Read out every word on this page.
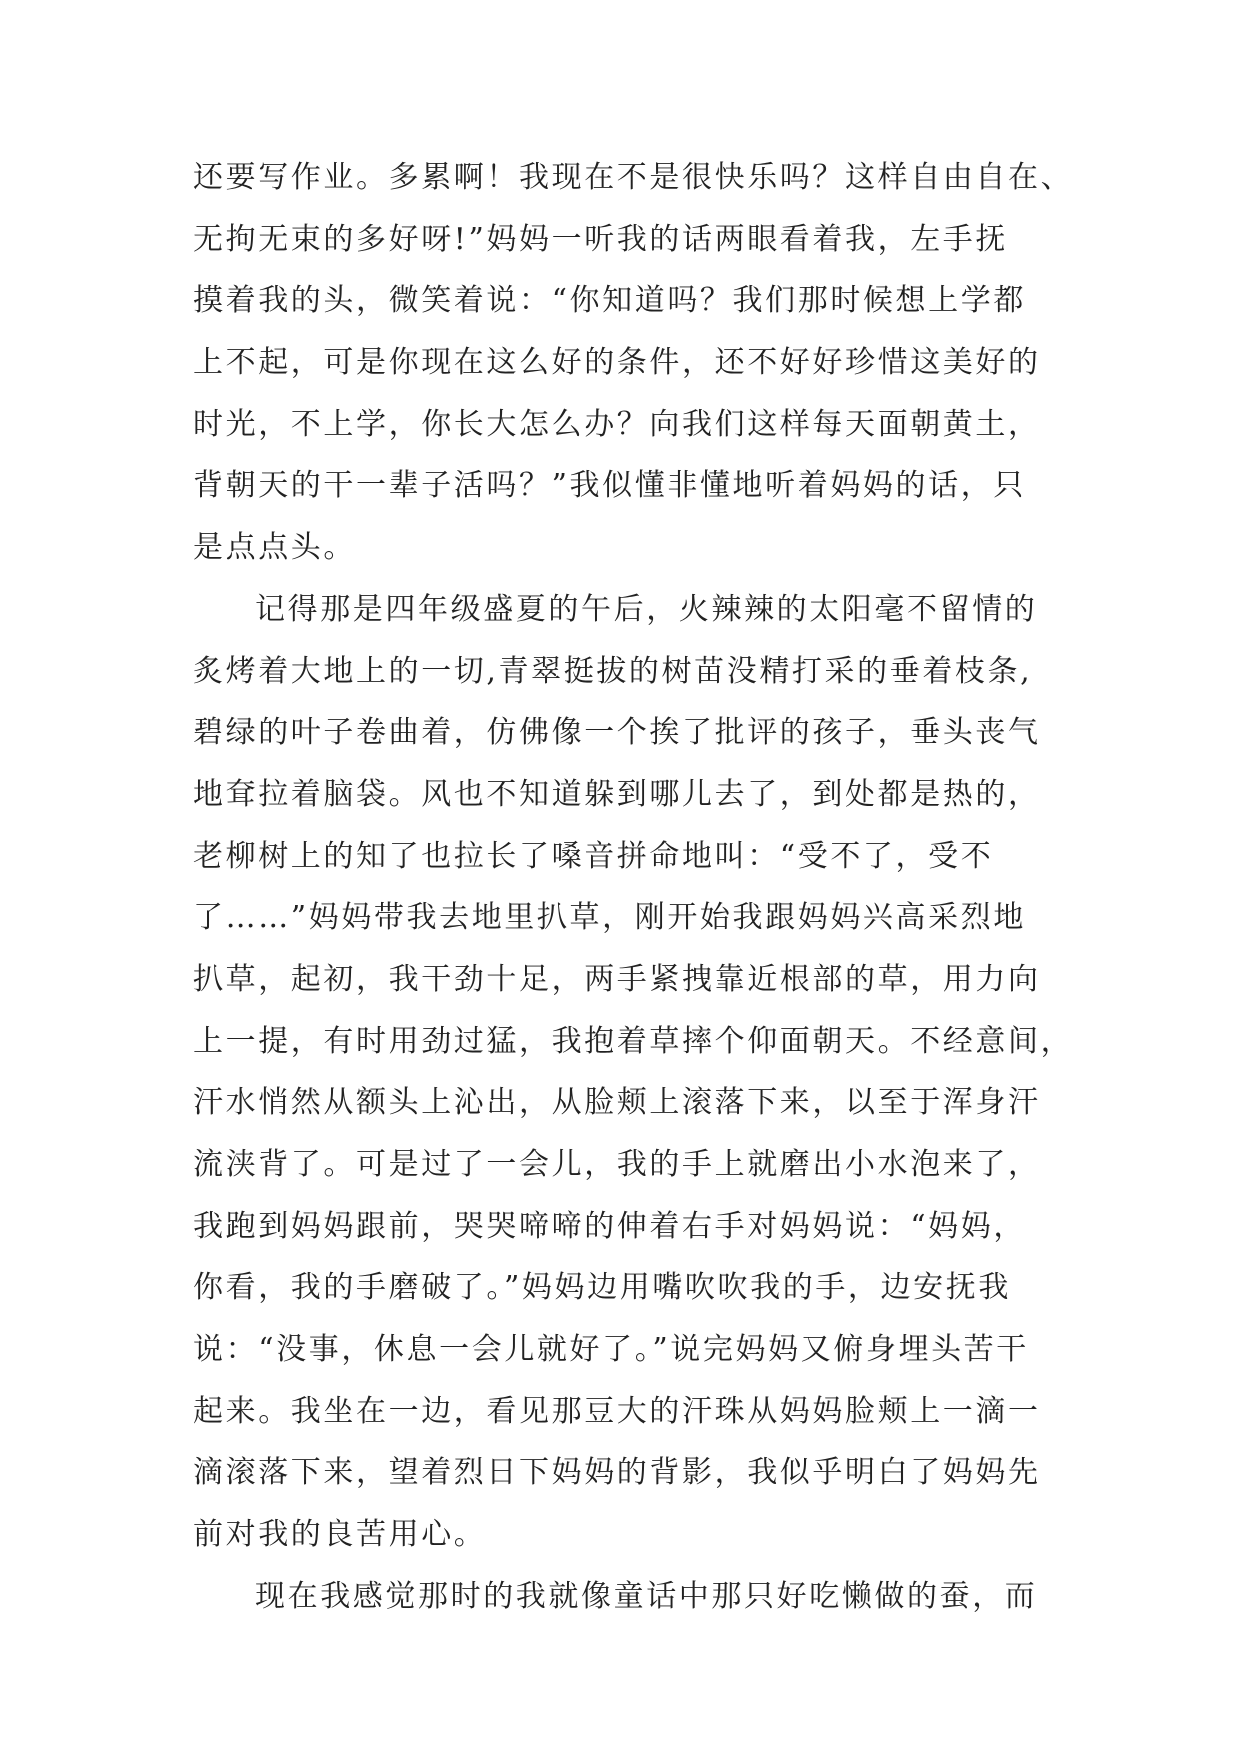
还要写作业。多累啊！我现在不是很快乐吗？这样自由自在、
无拘无束的多好呀!”妈妈一听我的话两眼看着我，左手抚
摸着我的头，微笑着说：“你知道吗？我们那时候想上学都
上不起，可是你现在这么好的条件，还不好好珍惜这美好的
时光，不上学，你长大怎么办？向我们这样每天面朝黄土，
背朝天的干一辈子活吗？”我似懂非懂地听着妈妈的话，只
是点点头。
记得那是四年级盛夏的午后，火辣辣的太阳毫不留情的
炙烤着大地上的一切,青翠挺拔的树苗没精打采的垂着枝条,
碧绿的叶子卷曲着，仿佛像一个挨了批评的孩子，垂头丧气
地耷拉着脑袋。风也不知道躲到哪儿去了，到处都是热的，
老柳树上的知了也拉长了嗓音拼命地叫：“受不了，受不
了……”妈妈带我去地里扒草，刚开始我跟妈妈兴高采烈地
扒草，起初，我干劲十足，两手紧拽靠近根部的草，用力向
上一提，有时用劲过猛，我抱着草摔个仰面朝天。不经意间，
汗水悄然从额头上沁出，从脸颊上滚落下来，以至于浑身汗
流浃背了。可是过了一会儿，我的手上就磨出小水泡来了，
我跑到妈妈跟前，哭哭啼啼的伸着右手对妈妈说：“妈妈，
你看，我的手磨破了。”妈妈边用嘴吹吹我的手，边安抚我
说：“没事，休息一会儿就好了。”说完妈妈又俯身埋头苦干
起来。我坐在一边，看见那豆大的汗珠从妈妈脸颊上一滴一
滴滚落下来，望着烈日下妈妈的背影，我似乎明白了妈妈先
前对我的良苦用心。
现在我感觉那时的我就像童话中那只好吃懒做的蚕，而
